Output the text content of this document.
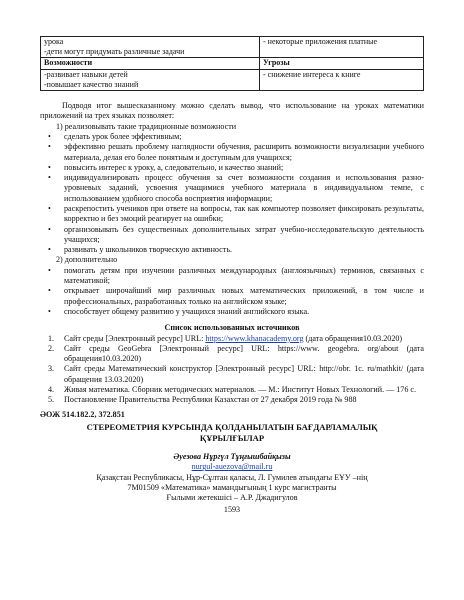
урока
-дети могут придумать различные задачи	- некоторые приложения платные

Возможности	Угрозы

-развивает навыки детей
-повышает качество знаний	- снижение интереса к книге

Подводя итог вышесказанному можно сделать вывод, что использование на уроках математики приложений на трех языках позволяет:

1) реализовывать такие традиционные возможности

• сделать урок более эффективным;
• эффективно решать проблему наглядности обучения, расширить возможности визуализации учебного материала, делая его более понятным и доступным для учащихся;
• повысить интерес к уроку, а, следовательно, и качество знаний;
• индивидуализировать процесс обучения за счет возможности создания и использования разно-уровневых заданий, усвоения учащимися учебного материала в индивидуальном темпе, с использованием удобного способа восприятия информации;
• раскрепостить учеников при ответе на вопросы, так как компьютер позволяет фиксировать результаты, корректно и без эмоций реагирует на ошибки;
• организовывать без существенных дополнительных затрат учебно-исследовательскую деятельность учащихся;
• развивать у школьников творческую активность.

2) дополнительно

• помогать детям при изучении различных международных (англоязычных) терминов, связанных с математикой;
• открывает широчайший мир различных новых математических приложений, в том числе и профессиональных, разработанных только на английском языке;
• способствует общему развитию у учащихся знаний английского языка.

Список использованных источников

1. Сайт среды [Электронный ресурс] URL: https://www.khanacademy.org (дата обращения10.03.2020)
2. Сайт среды GeoGebra [Электронный ресурс] URL: https://www. geogebra. org/about (дата обращения10.03.2020)
3. Сайт среды Математический конструктор [Электронный ресурс] URL: http://obr. 1c. ru/mathkit/ (дата обращения 13.03.2020)
4. Живая математика. Сборник методических материалов. — М.: Институт Новых Технологий. — 176 с.
5. Постановление Правительства Республики Казахстан от 27 декабря 2019 года № 988

ӘОЖ 514.182.2, 372.851

СТЕРЕОМЕТРИЯ КУРСЫНДА ҚОЛДАНЫЛАТЫН БАҒДАРЛАМАЛЫҚ
ҚҰРЫЛҒЫЛАР

Әуезова Нұргүл Тұңғышбайқызы

nurgul-auezova@mail.ru

Қазақстан Республикасы, Нұр-Сұлтан қаласы, Л. Гумилев атындағы ЕҰУ –нің

7М01509 «Математика» мамандығының 1 курс магистранты

Ғылыми жетекшісі – А.Р. Джадигулов

1593
